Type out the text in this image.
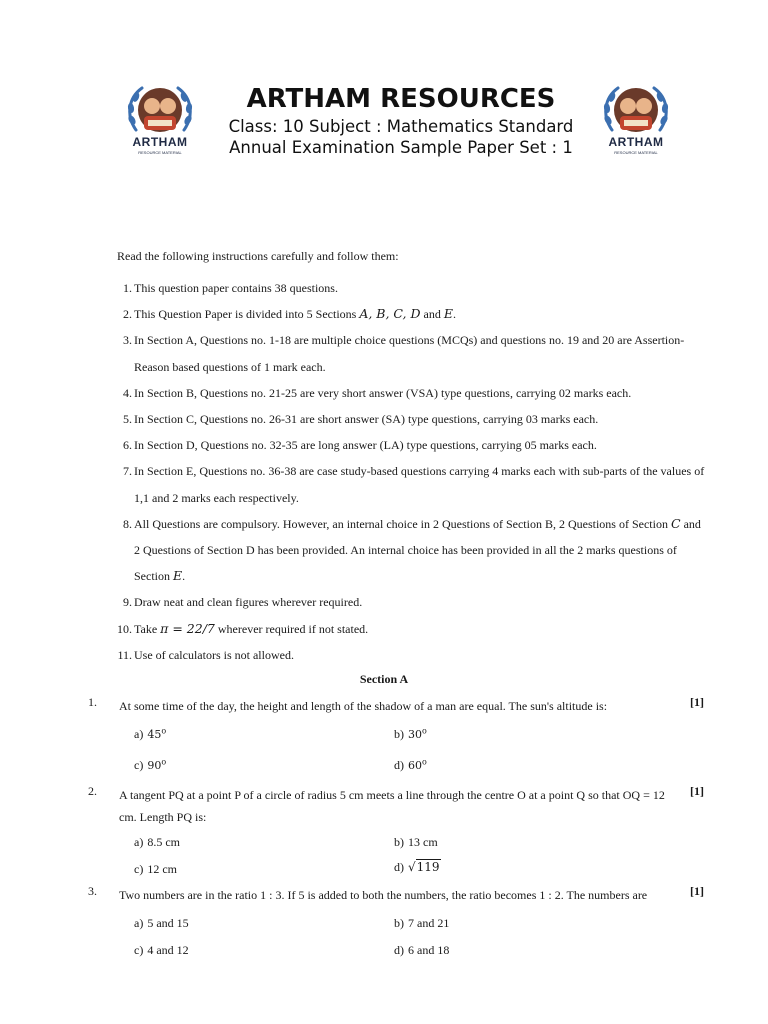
ARTHAM
RESOURCE MATERIAL
ARTHAM RESOURCES
Class: 10 Subject : Mathematics Standard
Annual Examination Sample Paper Set : 1	ARTHAM
RESOURCE MATERIAL
Read the following instructions carefully and follow them:
1. This question paper contains 38 questions.
2. This Question Paper is divided into 5 Sections A, B, C, D and E.
3. In Section A, Questions no. 1-18 are multiple choice questions (MCQs) and questions no. 19 and 20 are Assertion-Reason based questions of 1 mark each.
4. In Section B, Questions no. 21-25 are very short answer (VSA) type questions, carrying 02 marks each.
5. In Section C, Questions no. 26-31 are short answer (SA) type questions, carrying 03 marks each.
6. In Section D, Questions no. 32-35 are long answer (LA) type questions, carrying 05 marks each.
7. In Section E, Questions no. 36-38 are case study-based questions carrying 4 marks each with sub-parts of the values of 1,1 and 2 marks each respectively.
8. All Questions are compulsory. However, an internal choice in 2 Questions of Section B, 2 Questions of Section C and 2 Questions of Section D has been provided. An internal choice has been provided in all the 2 marks questions of Section E.
9. Draw neat and clean figures wherever required.
10. Take π = 22/7 wherever required if not stated.
11. Use of calculators is not allowed.
Section A
1. At some time of the day, the height and length of the shadow of a man are equal. The sun's altitude is:	[1]
a) 45$^o$	b) 30$^o$
c) 90$^o$	d) 60$^o$
2. A tangent PQ at a point P of a circle of radius 5 cm meets a line through the centre O at a point Q so that OQ = 12 cm. Length PQ is:
[1]
a) 8.5 cm	b) 13 cm
c) 12 cm	d) √119
3. Two numbers are in the ratio 1 : 3. If 5 is added to both the numbers, the ratio becomes 1 : 2. The numbers are	[1]
a) 5 and 15	b) 7 and 21
c) 4 and 12	d) 6 and 18
